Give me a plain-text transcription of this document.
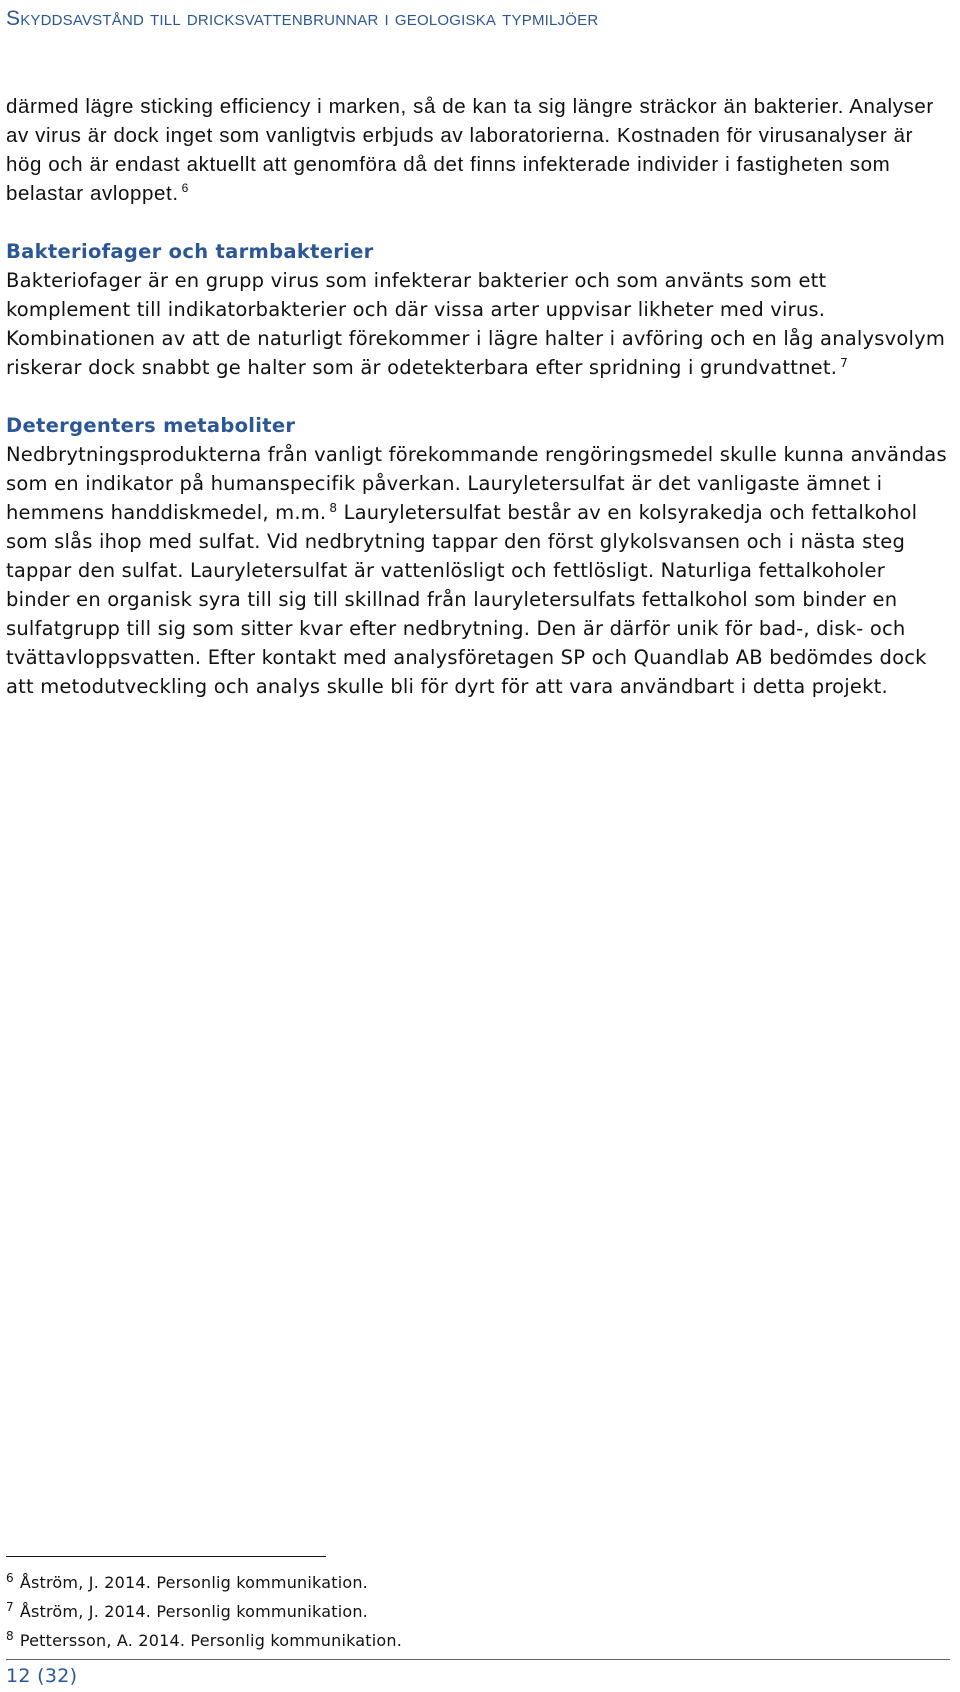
Skyddsavstånd till dricksvattenbrunnar i geologiska typmiljöer

därmed lägre sticking efficiency i marken, så de kan ta sig längre sträckor än bakterier. Analyser av virus är dock inget som vanligtvis erbjuds av laboratorierna. Kostnaden för virusanalyser är hög och är endast aktuellt att genomföra då det finns infekterade individer i fastigheten som belastar avloppet. $^6$

Bakteriofager och tarmbakterier

Bakteriofager är en grupp virus som infekterar bakterier och som använts som ett komplement till indikatorbakterier och där vissa arter uppvisar likheter med virus. Kombinationen av att de naturligt förekommer i lägre halter i avföring och en låg analysvolym riskerar dock snabbt ge halter som är odetekterbara efter spridning i grundvattnet. $^7$

Detergenters metaboliter

Nedbrytningsprodukterna från vanligt förekommande rengöringsmedel skulle kunna användas som en indikator på humanspecifik påverkan. Lauryletersulfat är det vanligaste ämnet i hemmens handdiskmedel, m.m. $^8$ Lauryletersulfat består av en kolsyrakedja och fettalkohol som slås ihop med sulfat. Vid nedbrytning tappar den först glykolsvansen och i nästa steg tappar den sulfat. Lauryletersulfat är vattenlösligt och fettlösligt. Naturliga fettalkoholer binder en organisk syra till sig till skillnad från lauryletersulfats fettalkohol som binder en sulfatgrupp till sig som sitter kvar efter nedbrytning. Den är därför unik för bad-, disk- och tvättavloppsvatten. Efter kontakt med analysföretagen SP och Quandlab AB bedömdes dock att metodutveckling och analys skulle bli för dyrt för att vara användbart i detta projekt.

$^6$ Åström, J. 2014. Personlig kommunikation.
$^7$ Åström, J. 2014. Personlig kommunikation.
$^8$ Pettersson, A. 2014. Personlig kommunikation.
12 (32)
